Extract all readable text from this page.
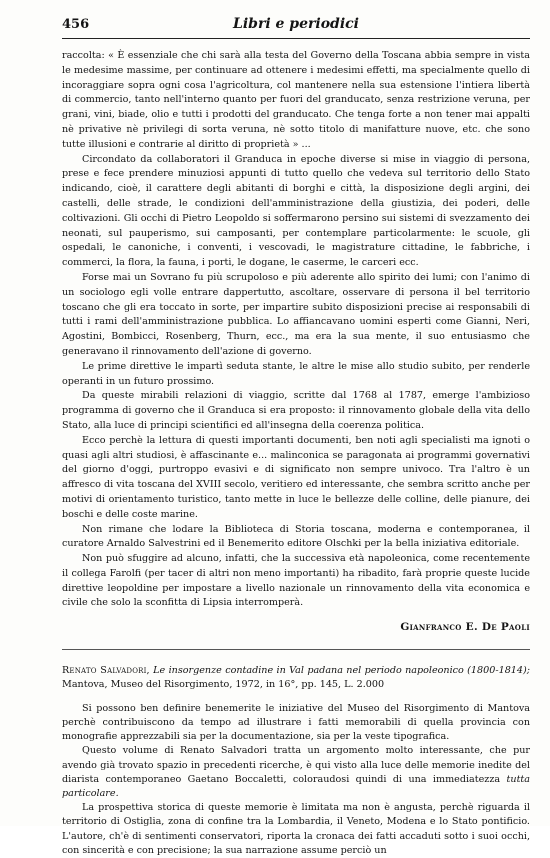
456	Libri e periodici

raccolta: « È essenziale che chi sarà alla testa del Governo della Toscana abbia sempre in vista le medesime massime, per continuare ad ottenere i medesimi effetti, ma specialmente quello di incoraggiare sopra ogni cosa l'agricoltura, col mantenere nella sua estensione l'intiera libertà di commercio, tanto nell'interno quanto per fuori del granducato, senza restrizione veruna, per grani, vini, biade, olio e tutti i prodotti del granducato. Che tenga forte a non tener mai appalti nè privative nè privilegi di sorta veruna, nè sotto titolo di manifatture nuove, etc. che sono tutte illusioni e contrarie al diritto di proprietà » ...

Circondato da collaboratori il Granduca in epoche diverse si mise in viaggio di persona, prese e fece prendere minuziosi appunti di tutto quello che vedeva sul territorio dello Stato indicando, cioè, il carattere degli abitanti di borghi e città, la disposizione degli argini, dei castelli, delle strade, le condizioni dell'amministrazione della giustizia, dei poderi, delle coltivazioni. Gli occhi di Pietro Leopoldo si soffermarono persino sui sistemi di svezzamento dei neonati, sul pauperismo, sui camposanti, per contemplare particolarmente: le scuole, gli ospedali, le canoniche, i conventi, i vescovadi, le magistrature cittadine, le fabbriche, i commerci, la flora, la fauna, i porti, le dogane, le caserme, le carceri ecc.

Forse mai un Sovrano fu più scrupoloso e più aderente allo spirito dei lumi; con l'animo di un sociologo egli volle entrare dappertutto, ascoltare, osservare di persona il bel territorio toscano che gli era toccato in sorte, per impartire subito disposizioni precise ai responsabili di tutti i rami dell'amministrazione pubblica. Lo affiancavano uomini esperti come Gianni, Neri, Agostini, Bombicci, Rosenberg, Thurn, ecc., ma era la sua mente, il suo entusiasmo che generavano il rinnovamento dell'azione di governo.

Le prime direttive le impartì seduta stante, le altre le mise allo studio subito, per renderle operanti in un futuro prossimo.

Da queste mirabili relazioni di viaggio, scritte dal 1768 al 1787, emerge l'ambizioso programma di governo che il Granduca si era proposto: il rinnovamento globale della vita dello Stato, alla luce di principi scientifici ed all'insegna della coerenza politica.

Ecco perchè la lettura di questi importanti documenti, ben noti agli specialisti ma ignoti o quasi agli altri studiosi, è affascinante e... malinconica se paragonata ai programmi governativi del giorno d'oggi, purtroppo evasivi e di significato non sempre univoco. Tra l'altro è un affresco di vita toscana del XVIII secolo, veritiero ed interessante, che sembra scritto anche per motivi di orientamento turistico, tanto mette in luce le bellezze delle colline, delle pianure, dei boschi e delle coste marine.

Non rimane che lodare la Biblioteca di Storia toscana, moderna e contemporanea, il curatore Arnaldo Salvestrini ed il Benemerito editore Olschki per la bella iniziativa editoriale.

Non può sfuggire ad alcuno, infatti, che la successiva età napoleonica, come recentemente il collega Farolfi (per tacer di altri non meno importanti) ha ribadito, farà proprie queste lucide direttive leopoldine per impostare a livello nazionale un rinnovamento della vita economica e civile che solo la sconfitta di Lipsia interromperà.

Gianfranco E. De Paoli

Renato Salvadori, Le insorgenze contadine in Val padana nel periodo napoleonico (1800-1814); Mantova, Museo del Risorgimento, 1972, in 16°, pp. 145, L. 2.000

Si possono ben definire benemerite le iniziative del Museo del Risorgimento di Mantova perchè contribuiscono da tempo ad illustrare i fatti memorabili di quella provincia con monografie apprezzabili sia per la documentazione, sia per la veste tipografica.

Questo volume di Renato Salvadori tratta un argomento molto interessante, che pur avendo già trovato spazio in precedenti ricerche, è qui visto alla luce delle memorie inedite del diarista contemporaneo Gaetano Boccaletti, coloraudosi quindi di una immediatezza tutta particolare.

La prospettiva storica di queste memorie è limitata ma non è angusta, perchè riguarda il territorio di Ostiglia, zona di confine tra la Lombardia, il Veneto, Modena e lo Stato pontificio. L'autore, ch'è di sentimenti conservatori, riporta la cronaca dei fatti accaduti sotto i suoi occhi, con sincerità e con precisione; la sua narrazione assume perciò un
